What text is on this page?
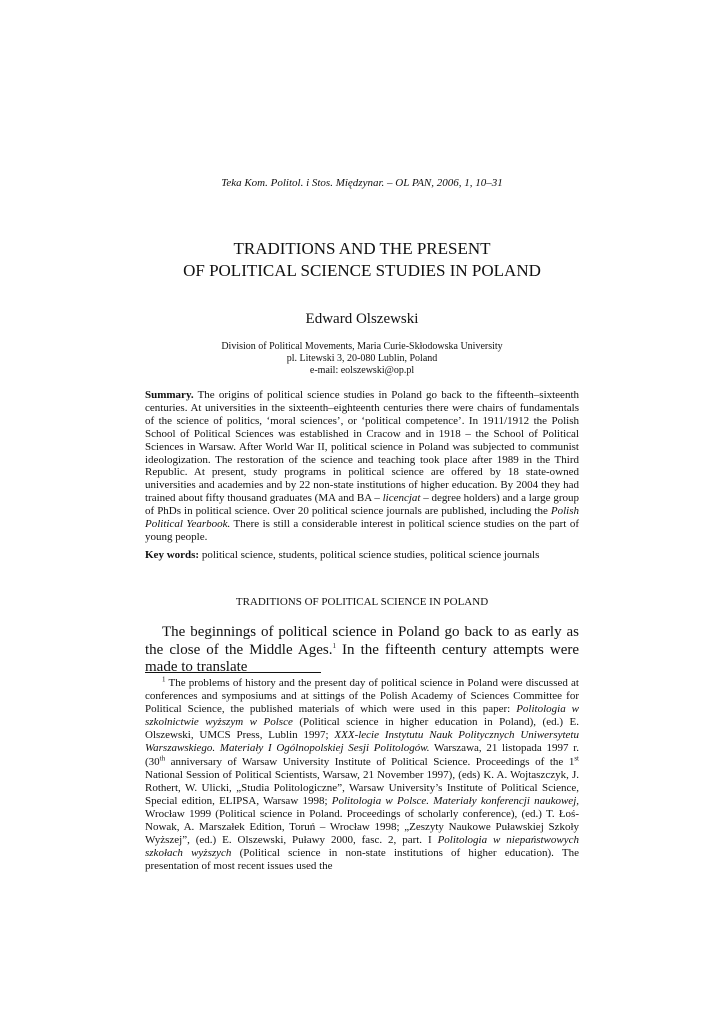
Teka Kom. Politol. i Stos. Międzynar. – OL PAN, 2006, 1, 10–31
TRADITIONS AND THE PRESENT
OF POLITICAL SCIENCE STUDIES IN POLAND
Edward Olszewski
Division of Political Movements, Maria Curie-Skłodowska University
pl. Litewski 3, 20-080 Lublin, Poland
e-mail: eolszewski@op.pl
Summary. The origins of political science studies in Poland go back to the fifteenth–sixteenth centuries. At universities in the sixteenth–eighteenth centuries there were chairs of fundamentals of the science of politics, ‘moral sciences’, or ‘political competence’. In 1911/1912 the Polish School of Political Sciences was established in Cracow and in 1918 – the School of Political Sciences in Warsaw. After World War II, political science in Poland was subjected to communist ideologization. The restoration of the science and teaching took place after 1989 in the Third Republic. At present, study programs in political science are offered by 18 state-owned universities and academies and by 22 non-state institutions of higher education. By 2004 they had trained about fifty thousand graduates (MA and BA – licencjat – degree holders) and a large group of PhDs in political science. Over 20 political science journals are published, including the Polish Political Yearbook. There is still a considerable interest in political science studies on the part of young people.
Key words: political science, students, political science studies, political science journals
TRADITIONS OF POLITICAL SCIENCE IN POLAND
The beginnings of political science in Poland go back to as early as the close of the Middle Ages.$^1$ In the fifteenth century attempts were made to translate
$^1$ The problems of history and the present day of political science in Poland were discussed at conferences and symposiums and at sittings of the Polish Academy of Sciences Committee for Political Science, the published materials of which were used in this paper: Politologia w szkolnictwie wyższym w Polsce (Political science in higher education in Poland), (ed.) E. Olszewski, UMCS Press, Lublin 1997; XXX-lecie Instytutu Nauk Politycznych Uniwersytetu Warszawskiego. Materiały I Ogólnopolskiej Sesji Politologów. Warszawa, 21 listopada 1997 r. (30th anniversary of Warsaw University Institute of Political Science. Proceedings of the 1st National Session of Political Scientists, Warsaw, 21 November 1997), (eds) K. A. Wojtaszczyk, J. Rothert, W. Ulicki, „Studia Politologiczne”, Warsaw University’s Institute of Political Science, Special edition, ELIPSA, Warsaw 1998; Politologia w Polsce. Materiały konferencji naukowej, Wrocław 1999 (Political science in Poland. Proceedings of scholarly conference), (ed.) T. Łoś-Nowak, A. Marszałek Edition, Toruń – Wrocław 1998; „Zeszyty Naukowe Puławskiej Szkoły Wyższej”, (ed.) E. Olszewski, Puławy 2000, fasc. 2, part. I Politologia w niepaństwowych szkołach wyższych (Political science in non-state institutions of higher education). The presentation of most recent issues used the
